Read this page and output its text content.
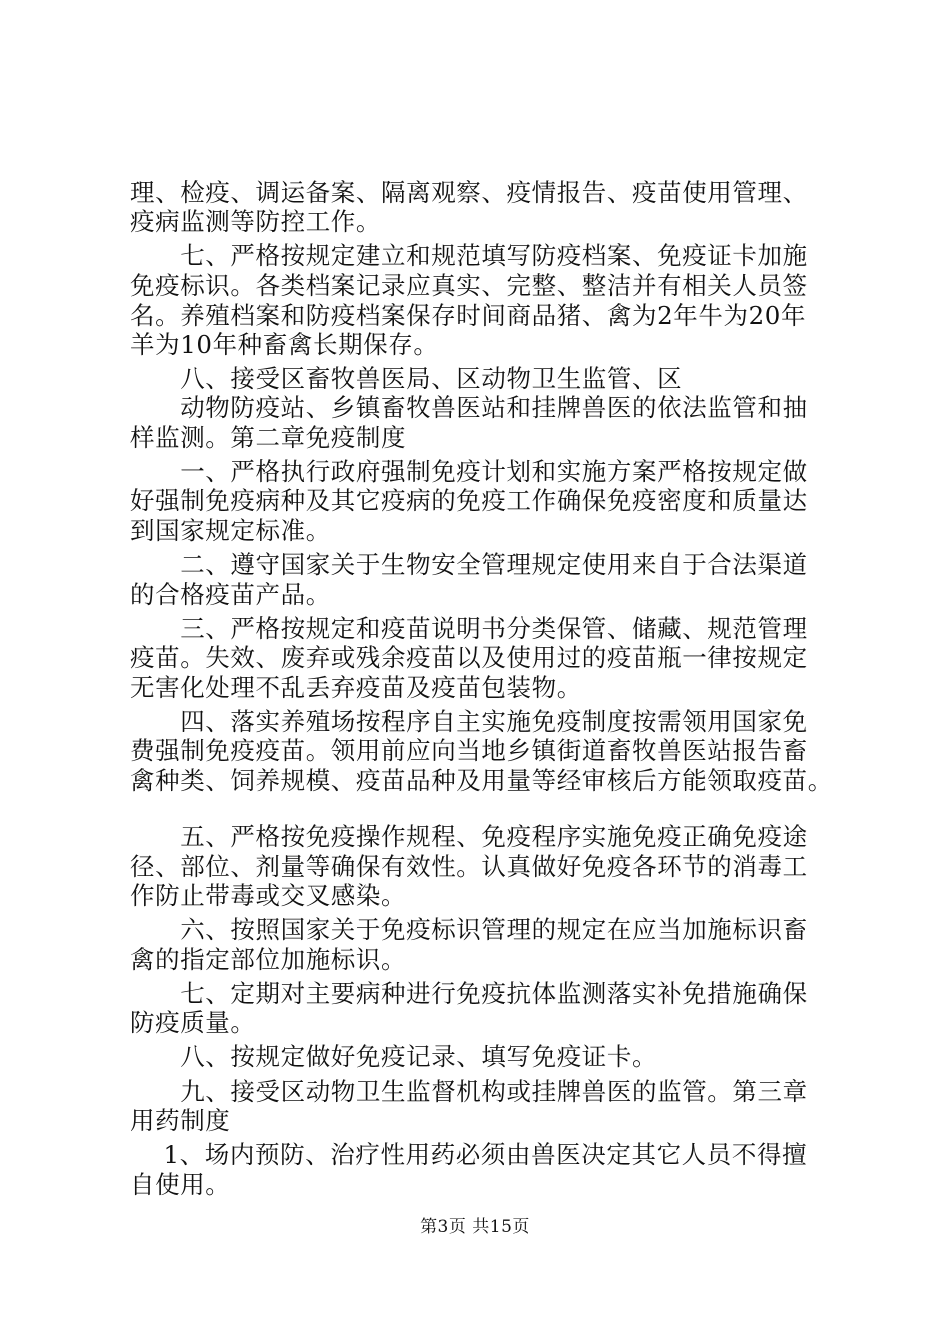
理、检疫、调运备案、隔离观察、疫情报告、疫苗使用管理、
疫病监测等防控工作。
　　七、严格按规定建立和规范填写防疫档案、免疫证卡加施
免疫标识。各类档案记录应真实、完整、整洁并有相关人员签
名。养殖档案和防疫档案保存时间商品猪、禽为2年牛为20年
羊为10年种畜禽长期保存。
　　八、接受区畜牧兽医局、区动物卫生监管、区
　　动物防疫站、乡镇畜牧兽医站和挂牌兽医的依法监管和抽
样监测。第二章免疫制度
　　一、严格执行政府强制免疫计划和实施方案严格按规定做
好强制免疫病种及其它疫病的免疫工作确保免疫密度和质量达
到国家规定标准。
　　二、遵守国家关于生物安全管理规定使用来自于合法渠道
的合格疫苗产品。
　　三、严格按规定和疫苗说明书分类保管、储藏、规范管理
疫苗。失效、废弃或残余疫苗以及使用过的疫苗瓶一律按规定
无害化处理不乱丢弃疫苗及疫苗包装物。
　　四、落实养殖场按程序自主实施免疫制度按需领用国家免
费强制免疫疫苗。领用前应向当地乡镇街道畜牧兽医站报告畜
禽种类、饲养规模、疫苗品种及用量等经审核后方能领取疫苗。
　　五、严格按免疫操作规程、免疫程序实施免疫正确免疫途
径、部位、剂量等确保有效性。认真做好免疫各环节的消毒工
作防止带毒或交叉感染。
　　六、按照国家关于免疫标识管理的规定在应当加施标识畜
禽的指定部位加施标识。
　　七、定期对主要病种进行免疫抗体监测落实补免措施确保
防疫质量。
　　八、按规定做好免疫记录、填写免疫证卡。
　　九、接受区动物卫生监督机构或挂牌兽医的监管。第三章
用药制度
　 1、场内预防、治疗性用药必须由兽医决定其它人员不得擅
自使用。
第3页 共15页
